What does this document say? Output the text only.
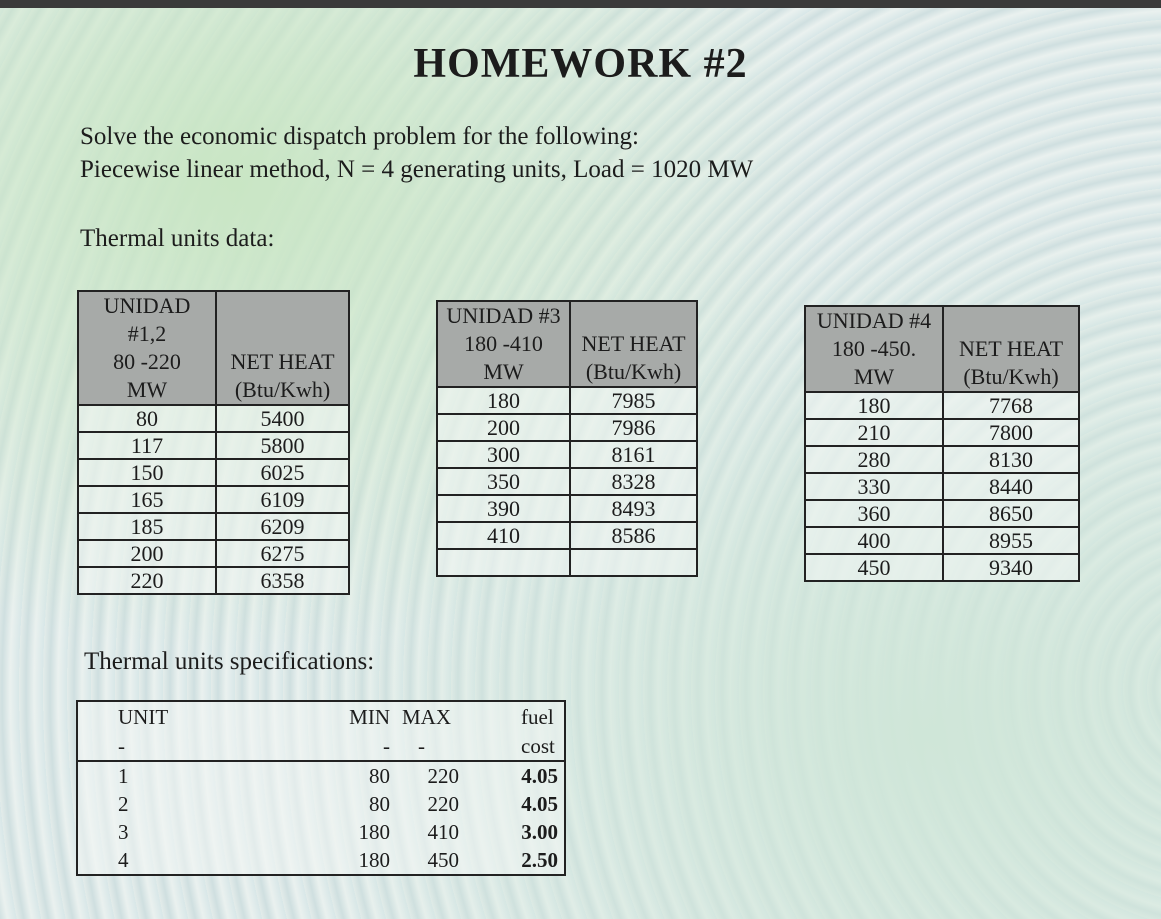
HOMEWORK #2
Solve the economic dispatch problem for the following:
Piecewise linear method, N = 4 generating units, Load = 1020 MW
Thermal units data:
UNIDAD
#1,2
80 -220
MW	NET HEAT
(Btu/Kwh)

80	5400
117	5800
150	6025
165	6109
185	6209
200	6275
220	6358
UNIDAD #3
180 -410
MW	NET HEAT
(Btu/Kwh)

180	7985
200	7986
300	8161
350	8328
390	8493
410	8586

UNIDAD #4
180 -450.
MW	NET HEAT
(Btu/Kwh)

180	7768
210	7800
280	8130
330	8440
360	8650
400	8955
450	9340
Thermal units specifications:
UNIT	MIN	MAX	fuel
-	-	-	cost
1	80	220	4.05
2	80	220	4.05
3	180	410	3.00
4	180	450	2.50
